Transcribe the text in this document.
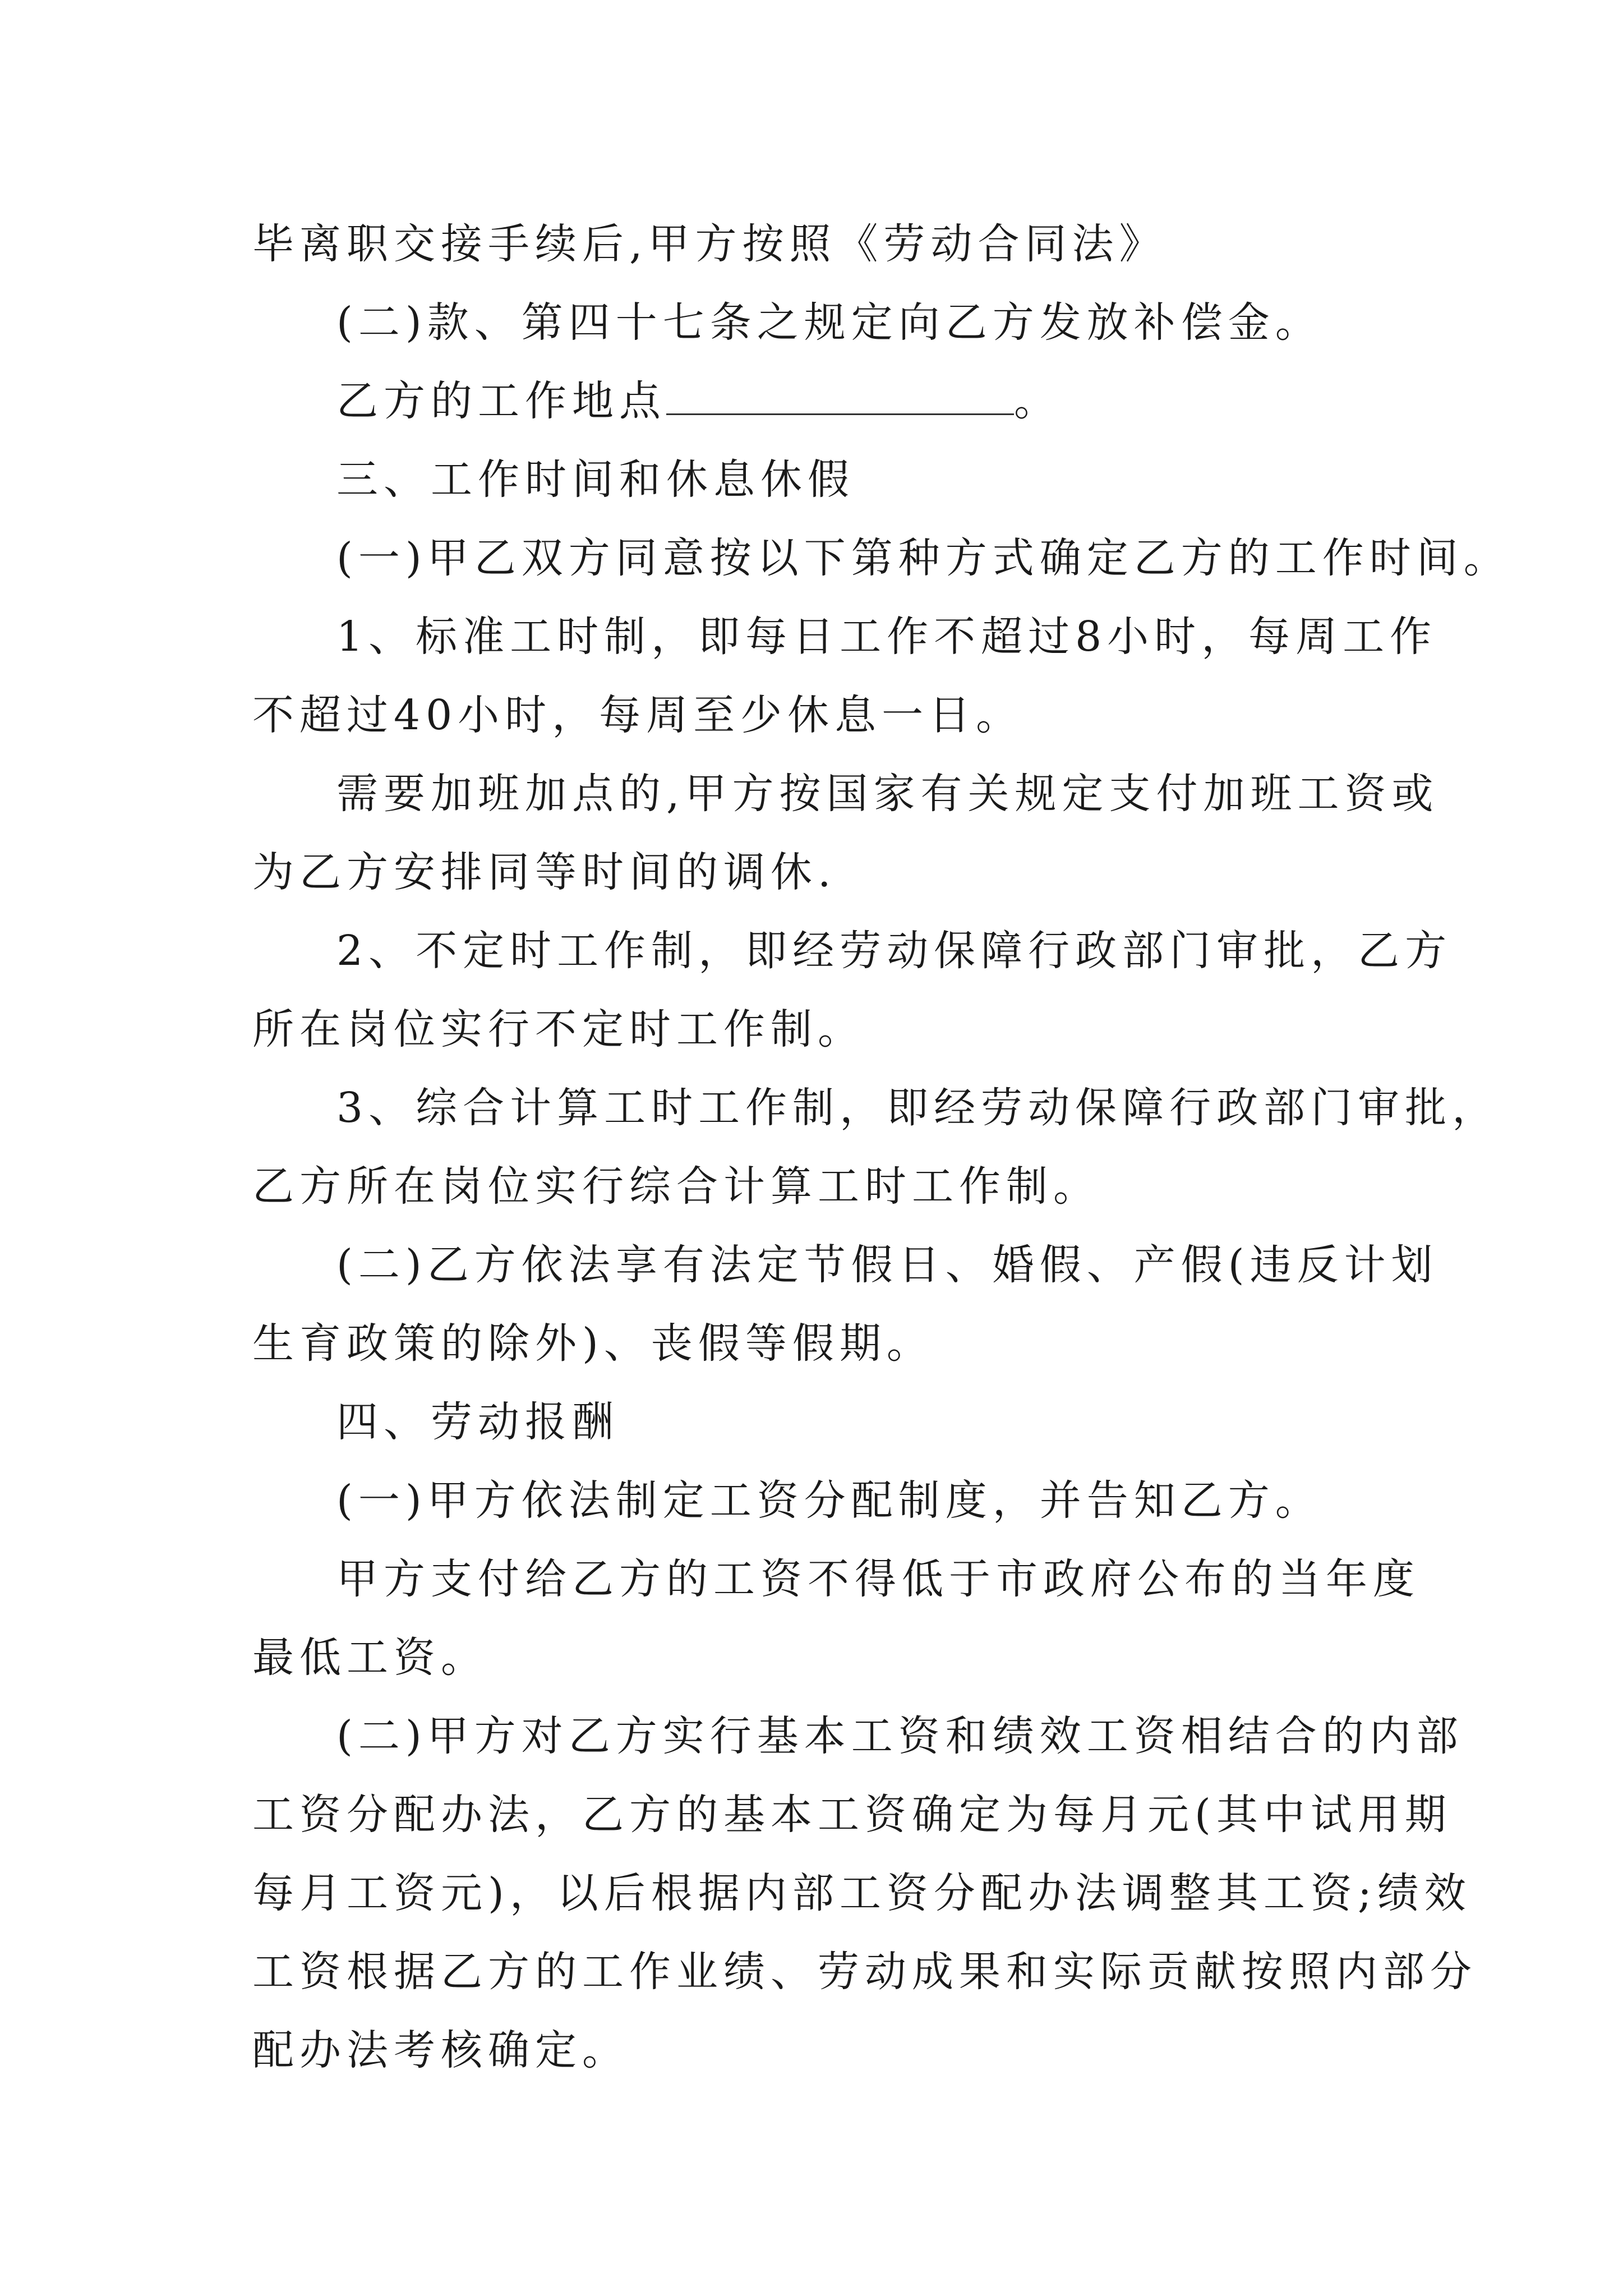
毕离职交接手续后,甲方按照《劳动合同法》

(二)款、第四十七条之规定向乙方发放补偿金。

乙方的工作地点	。

三、工作时间和休息休假

(一)甲乙双方同意按以下第种方式确定乙方的工作时间。

1、标准工时制，即每日工作不超过8小时，每周工作

不超过40小时，每周至少休息一日。

需要加班加点的,甲方按国家有关规定支付加班工资或

为乙方安排同等时间的调休.

2、不定时工作制，即经劳动保障行政部门审批，乙方

所在岗位实行不定时工作制。

3、综合计算工时工作制，即经劳动保障行政部门审批，

乙方所在岗位实行综合计算工时工作制。

(二)乙方依法享有法定节假日、婚假、产假(违反计划

生育政策的除外)、丧假等假期。

四、劳动报酬

(一)甲方依法制定工资分配制度，并告知乙方。

甲方支付给乙方的工资不得低于市政府公布的当年度

最低工资。

(二)甲方对乙方实行基本工资和绩效工资相结合的内部

工资分配办法，乙方的基本工资确定为每月元(其中试用期

每月工资元)，以后根据内部工资分配办法调整其工资;绩效

工资根据乙方的工作业绩、劳动成果和实际贡献按照内部分

配办法考核确定。
